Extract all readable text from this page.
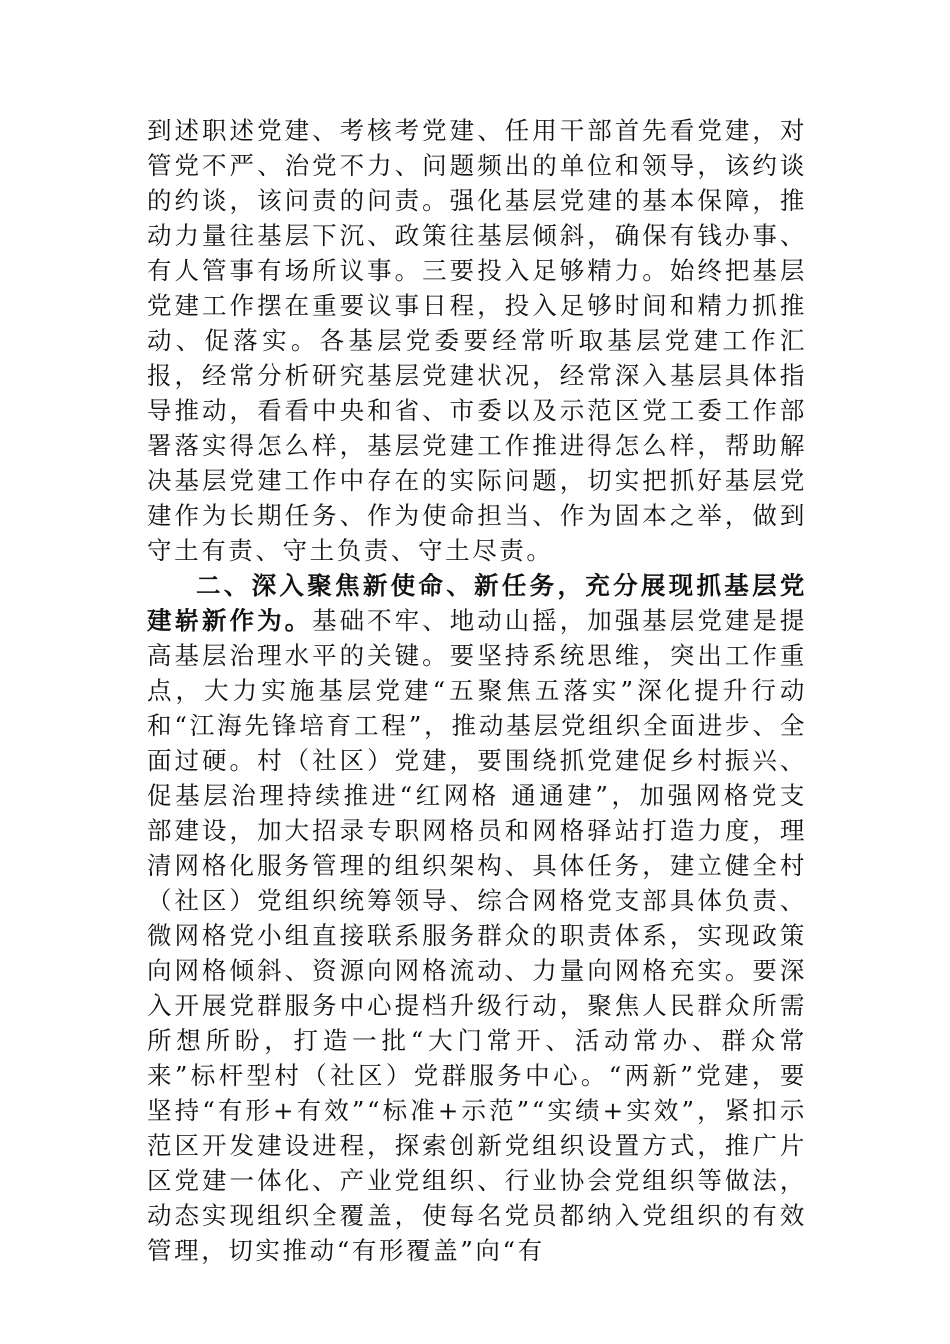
到述职述党建、考核考党建、任用干部首先看党建，对管党不严、治党不力、问题频出的单位和领导，该约谈的约谈，该问责的问责。强化基层党建的基本保障，推动力量往基层下沉、政策往基层倾斜，确保有钱办事、有人管事有场所议事。三要投入足够精力。始终把基层党建工作摆在重要议事日程，投入足够时间和精力抓推动、促落实。各基层党委要经常听取基层党建工作汇报，经常分析研究基层党建状况，经常深入基层具体指导推动，看看中央和省、市委以及示范区党工委工作部署落实得怎么样，基层党建工作推进得怎么样，帮助解决基层党建工作中存在的实际问题，切实把抓好基层党建作为长期任务、作为使命担当、作为固本之举，做到守土有责、守土负责、守土尽责。

二、深入聚焦新使命、新任务，充分展现抓基层党建崭新作为。基础不牢、地动山摇，加强基层党建是提高基层治理水平的关键。要坚持系统思维，突出工作重点，大力实施基层党建“五聚焦五落实”深化提升行动和“江海先锋培育工程”，推动基层党组织全面进步、全面过硬。村（社区）党建，要围绕抓党建促乡村振兴、促基层治理持续推进“红网格 通通建”，加强网格党支部建设，加大招录专职网格员和网格驿站打造力度，理清网格化服务管理的组织架构、具体任务，建立健全村（社区）党组织统筹领导、综合网格党支部具体负责、微网格党小组直接联系服务群众的职责体系，实现政策向网格倾斜、资源向网格流动、力量向网格充实。要深入开展党群服务中心提档升级行动，聚焦人民群众所需所想所盼，打造一批“大门常开、活动常办、群众常来”标杆型村（社区）党群服务中心。“两新”党建，要坚持“有形+有效”“标准+示范”“实绩+实效”，紧扣示范区开发建设进程，探索创新党组织设置方式，推广片区党建一体化、产业党组织、行业协会党组织等做法，动态实现组织全覆盖，使每名党员都纳入党组织的有效管理，切实推动“有形覆盖”向“有
